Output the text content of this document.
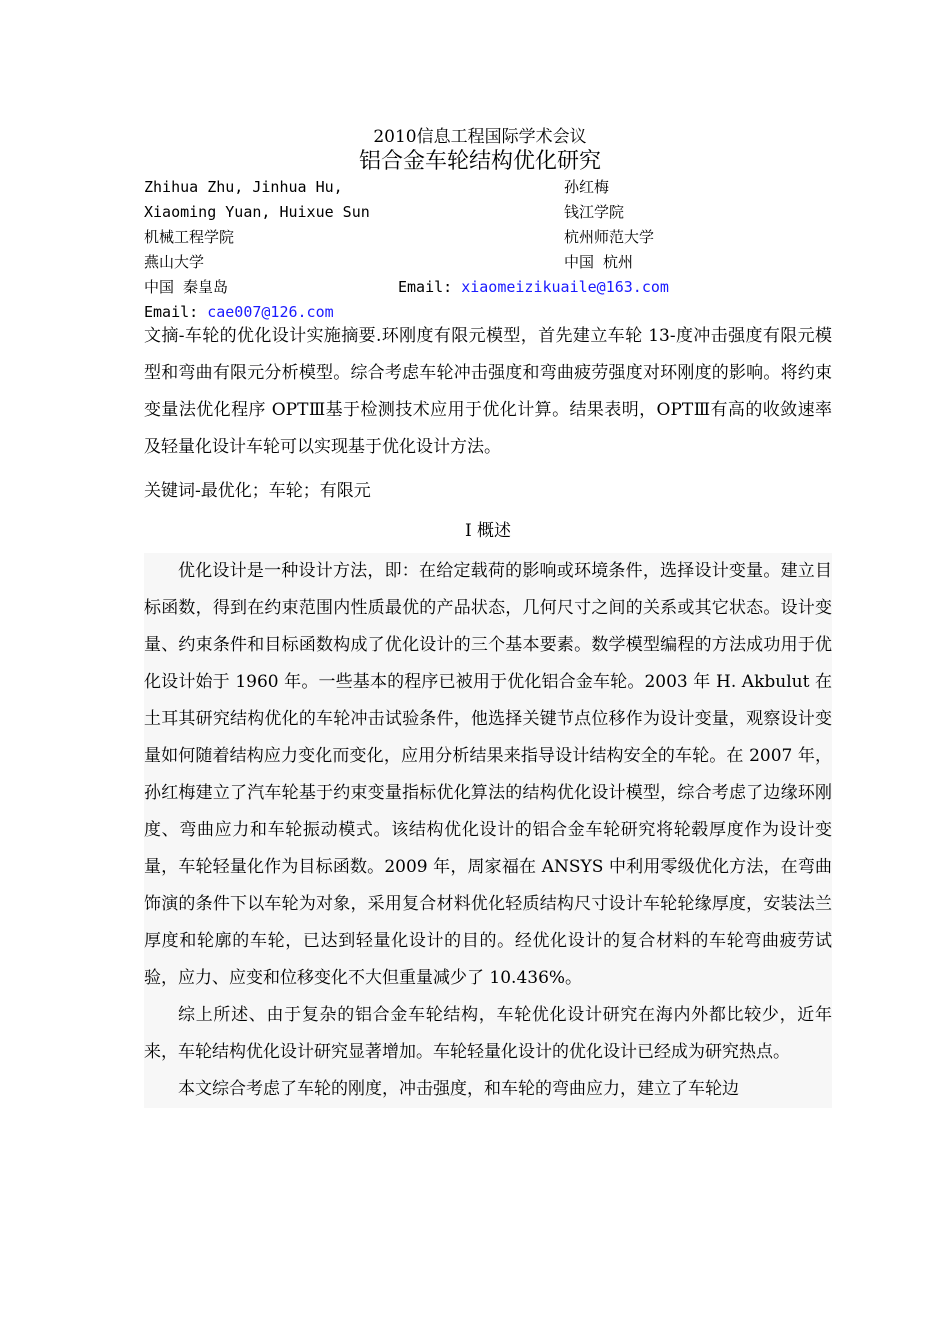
2010信息工程国际学术会议
铝合金车轮结构优化研究
Zhihua Zhu, Jinhua Hu,
Xiaoming Yuan, Huixue Sun
机械工程学院
燕山大学
中国 秦皇岛
孙红梅
钱江学院
杭州师范大学
中国 杭州
Email: xiaomeizikuaile@163.com
Email: cae007@126.com
文摘-车轮的优化设计实施摘要.环刚度有限元模型，首先建立车轮 13-度冲击强度有限元模型和弯曲有限元分析模型。综合考虑车轮冲击强度和弯曲疲劳强度对环刚度的影响。将约束变量法优化程序 OPTⅢ基于检测技术应用于优化计算。结果表明，OPTⅢ有高的收敛速率及轻量化设计车轮可以实现基于优化设计方法。
关键词-最优化；车轮；有限元
I 概述

优化设计是一种设计方法，即：在给定载荷的影响或环境条件，选择设计变量。建立目标函数，得到在约束范围内性质最优的产品状态，几何尺寸之间的关系或其它状态。设计变量、约束条件和目标函数构成了优化设计的三个基本要素。数学模型编程的方法成功用于优化设计始于 1960 年。一些基本的程序已被用于优化铝合金车轮。2003 年 H. Akbulut 在土耳其研究结构优化的车轮冲击试验条件，他选择关键节点位移作为设计变量，观察设计变量如何随着结构应力变化而变化，应用分析结果来指导设计结构安全的车轮。在 2007 年，孙红梅建立了汽车轮基于约束变量指标优化算法的结构优化设计模型，综合考虑了边缘环刚度、弯曲应力和车轮振动模式。该结构优化设计的铝合金车轮研究将轮毂厚度作为设计变量，车轮轻量化作为目标函数。2009 年，周家福在 ANSYS 中利用零级优化方法，在弯曲饰演的条件下以车轮为对象，采用复合材料优化轻质结构尺寸设计车轮轮缘厚度，安装法兰厚度和轮廓的车轮，已达到轻量化设计的目的。经优化设计的复合材料的车轮弯曲疲劳试验，应力、应变和位移变化不大但重量减少了 10.436%。

综上所述、由于复杂的铝合金车轮结构，车轮优化设计研究在海内外都比较少，近年来，车轮结构优化设计研究显著增加。车轮轻量化设计的优化设计已经成为研究热点。

本文综合考虑了车轮的刚度，冲击强度，和车轮的弯曲应力，建立了车轮边
